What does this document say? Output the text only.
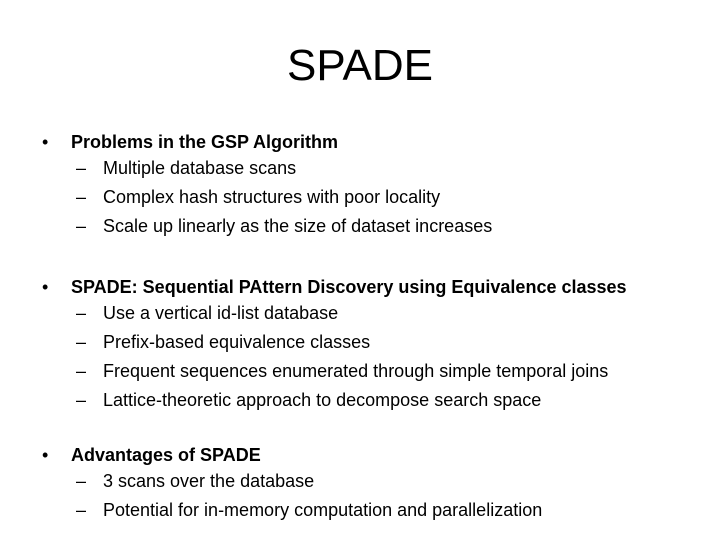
SPADE
• Problems in the GSP Algorithm
– Multiple database scans
– Complex hash structures with poor locality
– Scale up linearly as the size of dataset increases
• SPADE: Sequential PAttern Discovery using Equivalence classes
– Use a vertical id-list database
– Prefix-based equivalence classes
– Frequent sequences enumerated through simple temporal joins
– Lattice-theoretic approach to decompose search space
• Advantages of SPADE
– 3 scans over the database
– Potential for in-memory computation and parallelization
